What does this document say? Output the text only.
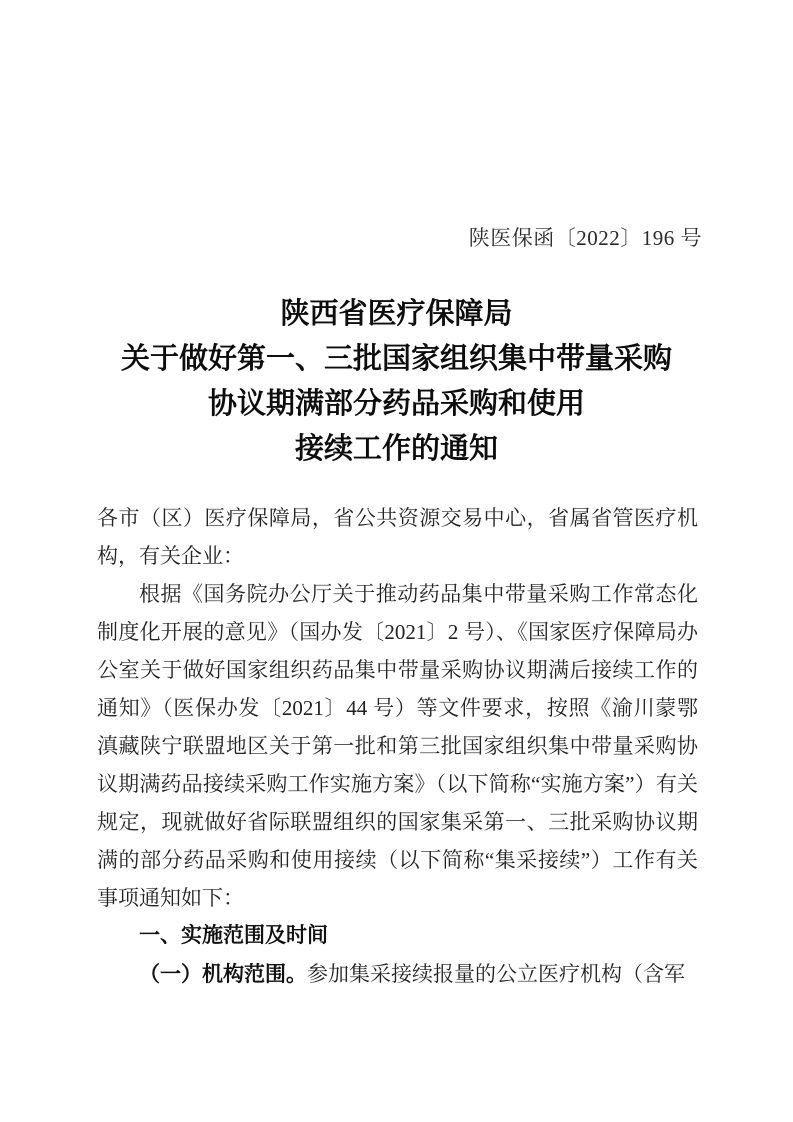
陕医保函〔2022〕196 号
陕西省医疗保障局
关于做好第一、三批国家组织集中带量采购
协议期满部分药品采购和使用
接续工作的通知

各市（区）医疗保障局，省公共资源交易中心，省属省管医疗机构，有关企业：

根据《国务院办公厅关于推动药品集中带量采购工作常态化制度化开展的意见》（国办发〔2021〕2 号）、《国家医疗保障局办公室关于做好国家组织药品集中带量采购协议期满后接续工作的通知》（医保办发〔2021〕44 号）等文件要求，按照《渝川蒙鄂滇藏陕宁联盟地区关于第一批和第三批国家组织集中带量采购协议期满药品接续采购工作实施方案》（以下简称“实施方案”）有关规定，现就做好省际联盟组织的国家集采第一、三批采购协议期满的部分药品采购和使用接续（以下简称“集采接续”）工作有关事项通知如下：

一、实施范围及时间

（一）机构范围。参加集采接续报量的公立医疗机构（含军
